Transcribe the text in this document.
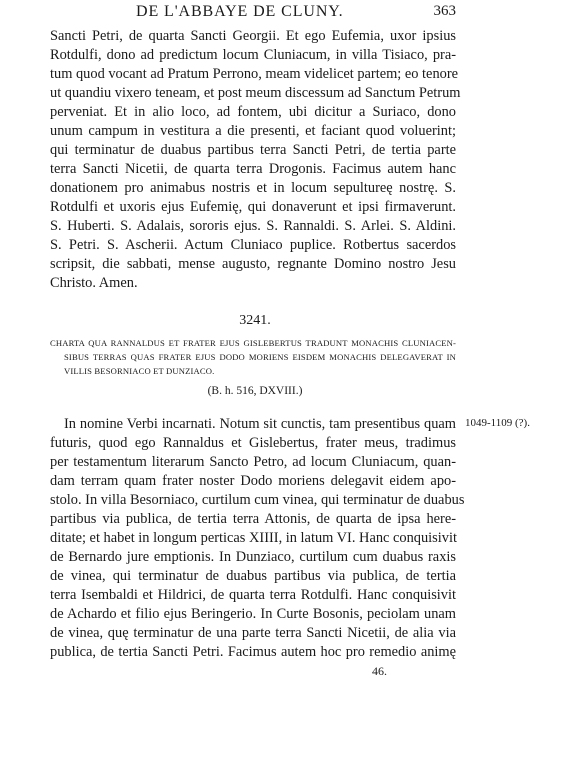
DE L'ABBAYE DE CLUNY.	363
Sancti Petri, de quarta Sancti Georgii. Et ego Eufemia, uxor ipsius
Rotdulfi, dono ad predictum locum Cluniacum, in villa Tisiaco, pra-
tum quod vocant ad Pratum Perrono, meam videlicet partem; eo tenore
ut quandiu vixero teneam, et post meum discessum ad Sanctum Petrum
perveniat. Et in alio loco, ad fontem, ubi dicitur a Suriaco, dono
unum campum in vestitura a die presenti, et faciant quod voluerint;
qui terminatur de duabus partibus terra Sancti Petri, de tertia parte
terra Sancti Nicetii, de quarta terra Drogonis. Facimus autem hanc
donationem pro animabus nostris et in locum sepultureę nostrę. S. Rotdulfi et uxoris ejus Eufemię, qui donaverunt et ipsi firmaverunt.
S. Huberti. S. Adalais, sororis ejus. S. Rannaldi. S. Arlei. S. Aldini.
S. Petri. S. Ascherii. Actum Cluniaco puplice. Rotbertus sacerdos
scripsit, die sabbati, mense augusto, regnante Domino nostro Jesu
Christo. Amen.
3241.
CHARTA QUA RANNALDUS ET FRATER EJUS GISLEBERTUS TRADUNT MONACHIS CLUNIACEN-
SIBUS TERRAS QUAS FRATER EJUS DODO MORIENS EISDEM MONACHIS DELEGAVERAT IN
VILLIS BESORNIACO ET DUNZIACO.
(B. h. 516, DXVIII.)
1049-1109 (?).
In nomine Verbi incarnati. Notum sit cunctis, tam presentibus quam
futuris, quod ego Rannaldus et Gislebertus, frater meus, tradimus
per testamentum literarum Sancto Petro, ad locum Cluniacum, quan-
dam terram quam frater noster Dodo moriens delegavit eidem apo-
stolo. In villa Besorniaco, curtilum cum vinea, qui terminatur de duabus
partibus via publica, de tertia terra Attonis, de quarta de ipsa here-
ditate; et habet in longum perticas XIIII, in latum VI. Hanc conquisivit
de Bernardo jure emptionis. In Dunziaco, curtilum cum duabus raxis
de vinea, qui terminatur de duabus partibus via publica, de tertia
terra Isembaldi et Hildrici, de quarta terra Rotdulfi. Hanc conquisivit
de Achardo et filio ejus Beringerio. In Curte Bosonis, peciolam unam
de vinea, quę terminatur de una parte terra Sancti Nicetii, de alia via
publica, de tertia Sancti Petri. Facimus autem hoc pro remedio animę
46.
